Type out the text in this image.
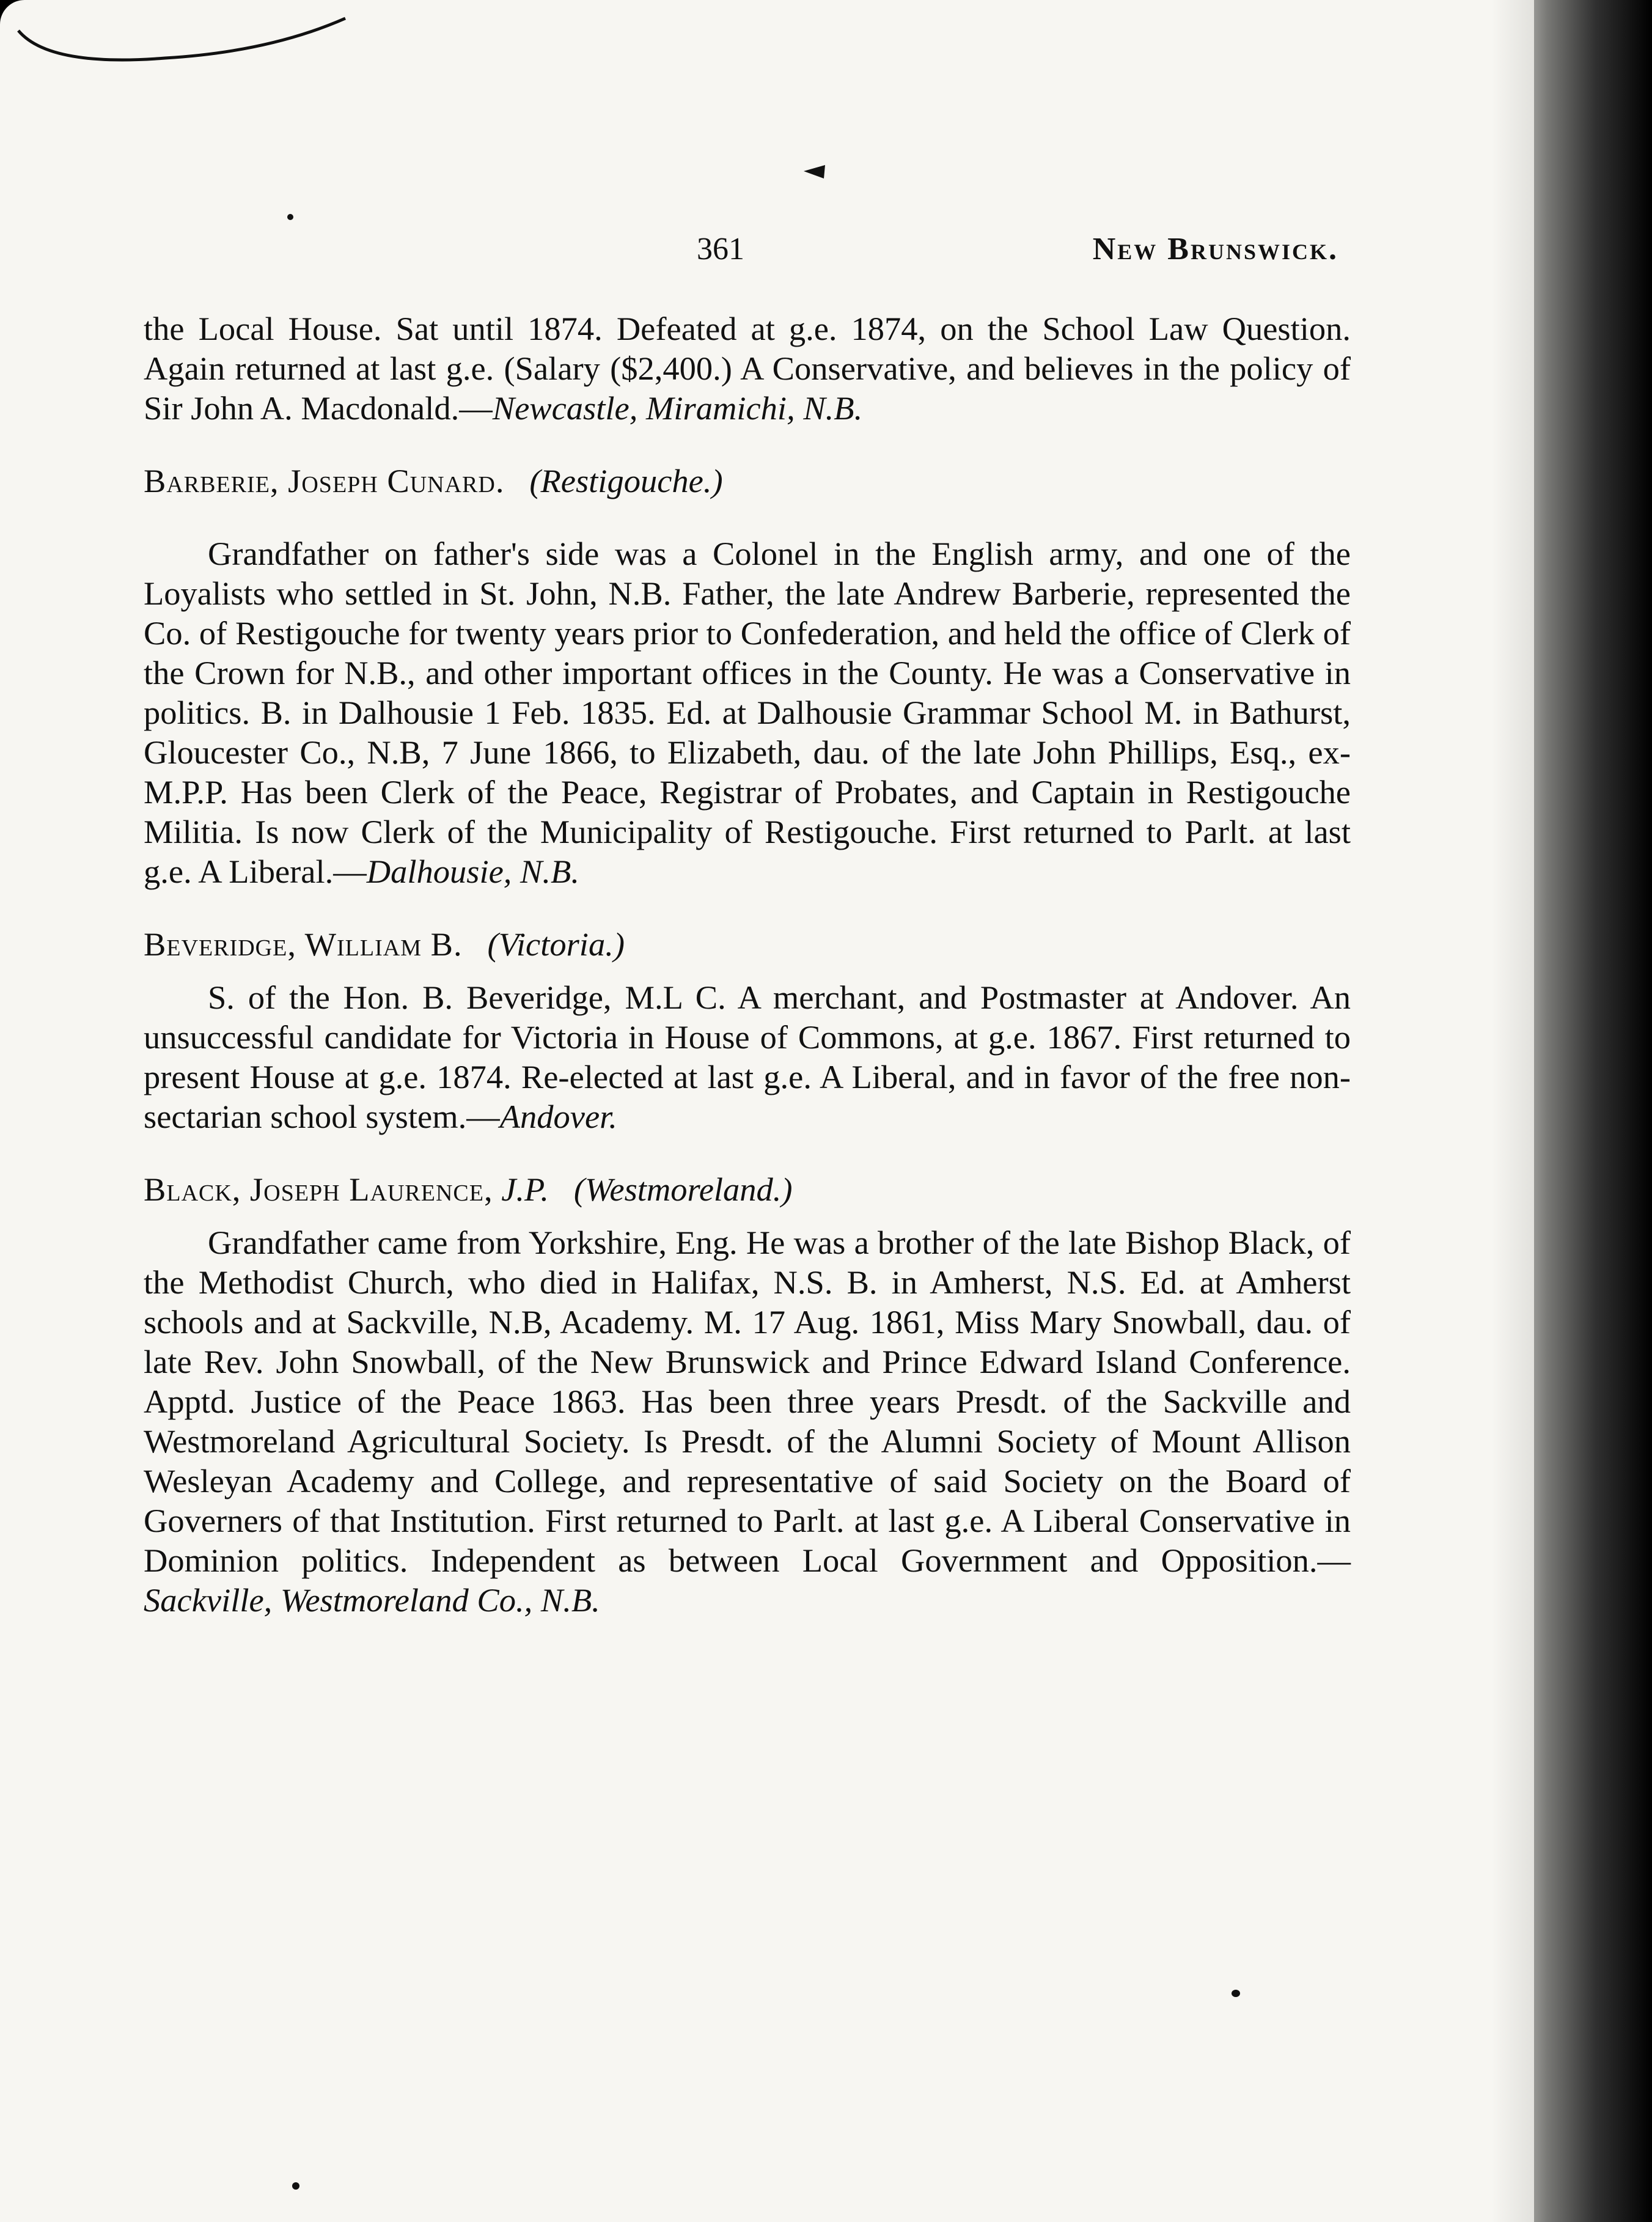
361	New Brunswick.

the Local House. Sat until 1874. Defeated at g.e. 1874, on the School Law Question. Again returned at last g.e. (Salary ($2,400.) A Conservative, and believes in the policy of Sir John A. Macdonald.—Newcastle, Miramichi, N.B.

Barberie, Joseph Cunard. (Restigouche.)

Grandfather on father's side was a Colonel in the English army, and one of the Loyalists who settled in St. John, N.B. Father, the late Andrew Barberie, represented the Co. of Restigouche for twenty years prior to Confederation, and held the office of Clerk of the Crown for N.B., and other important offices in the County. He was a Conservative in politics. B. in Dalhousie 1 Feb. 1835. Ed. at Dalhousie Grammar School M. in Bathurst, Gloucester Co., N.B, 7 June 1866, to Elizabeth, dau. of the late John Phillips, Esq., ex-M.P.P. Has been Clerk of the Peace, Registrar of Probates, and Captain in Restigouche Militia. Is now Clerk of the Municipality of Restigouche. First returned to Parlt. at last g.e. A Liberal.—Dalhousie, N.B.

Beveridge, William B. (Victoria.)

S. of the Hon. B. Beveridge, M.L C. A merchant, and Postmaster at Andover. An unsuccessful candidate for Victoria in House of Commons, at g.e. 1867. First returned to present House at g.e. 1874. Re-elected at last g.e. A Liberal, and in favor of the free non-sectarian school system.—Andover.

Black, Joseph Laurence, J.P. (Westmoreland.)

Grandfather came from Yorkshire, Eng. He was a brother of the late Bishop Black, of the Methodist Church, who died in Halifax, N.S. B. in Amherst, N.S. Ed. at Amherst schools and at Sackville, N.B, Academy. M. 17 Aug. 1861, Miss Mary Snowball, dau. of late Rev. John Snowball, of the New Brunswick and Prince Edward Island Conference. Apptd. Justice of the Peace 1863. Has been three years Presdt. of the Sackville and Westmoreland Agricultural Society. Is Presdt. of the Alumni Society of Mount Allison Wesleyan Academy and College, and representative of said Society on the Board of Governers of that Institution. First returned to Parlt. at last g.e. A Liberal Conservative in Dominion politics. Independent as between Local Government and Opposition.—Sackville, Westmoreland Co., N.B.
